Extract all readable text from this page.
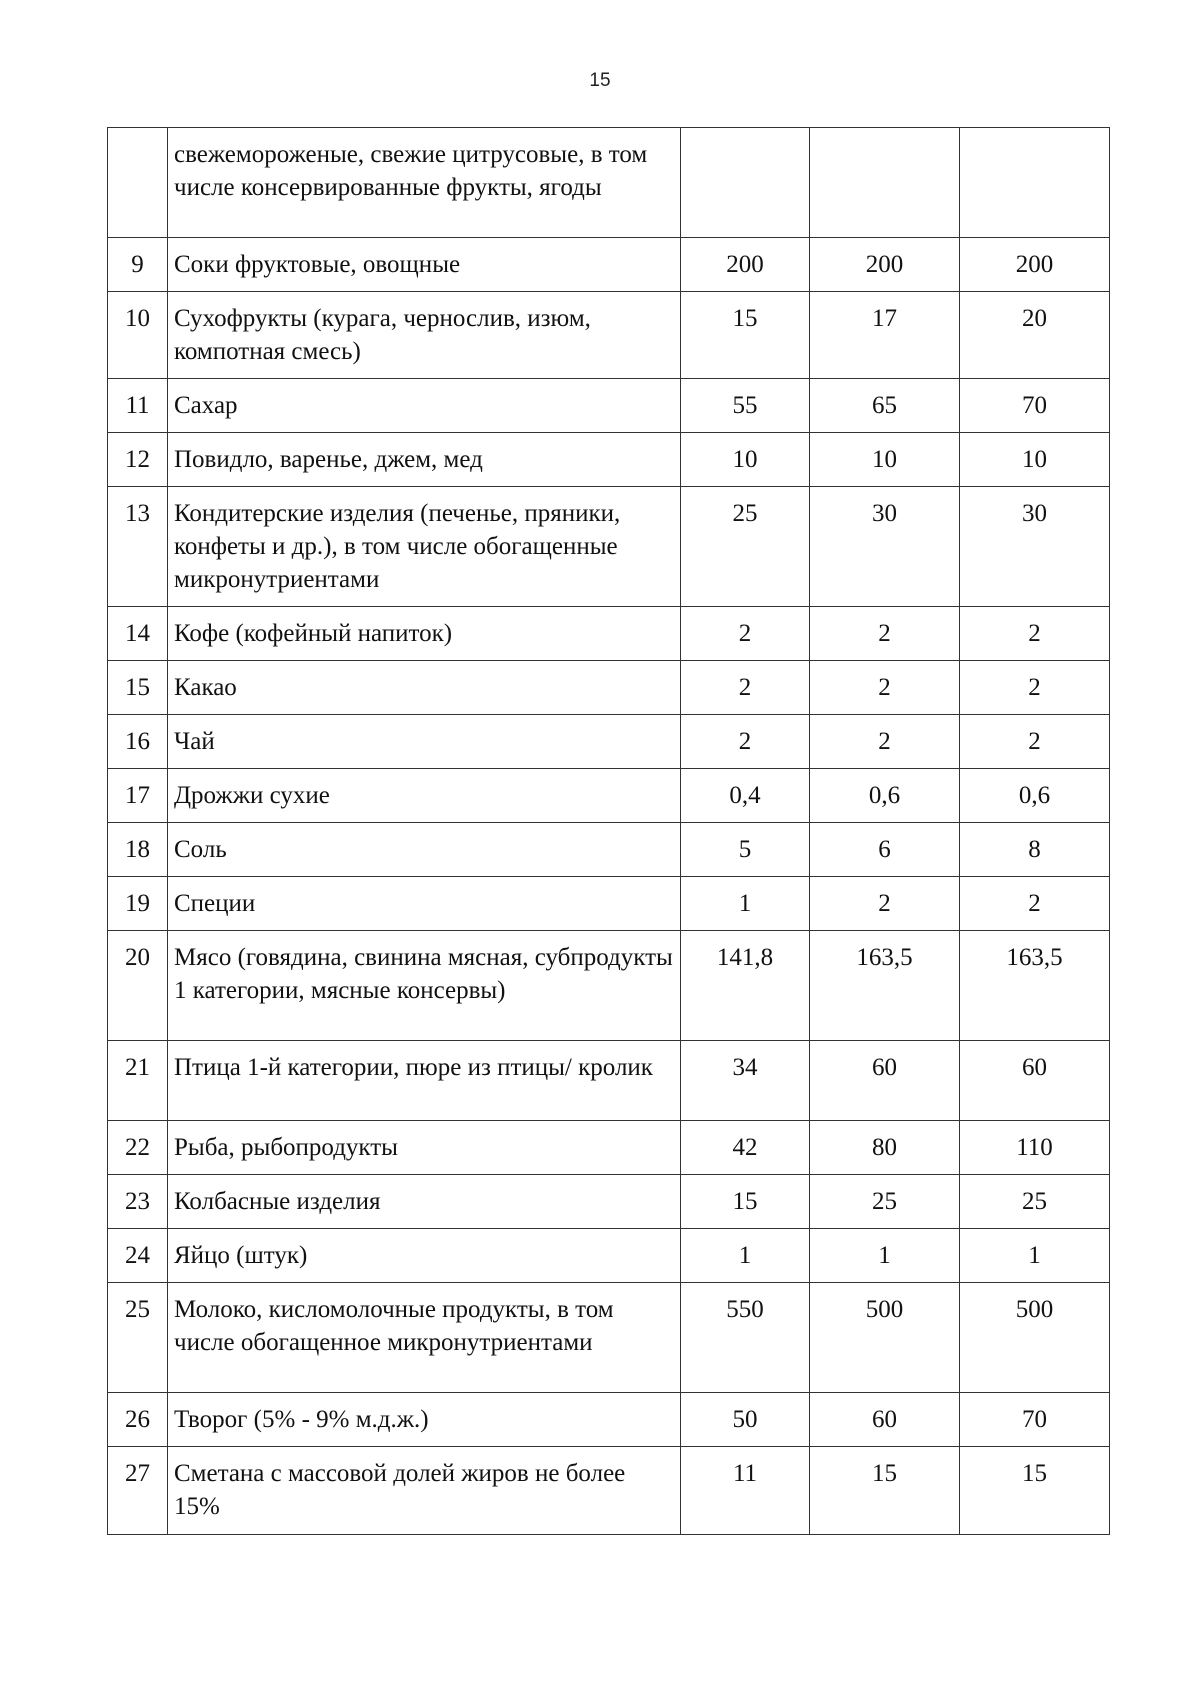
15
	свежемороженые, свежие цитрусовые, в том числе консервированные фрукты, ягоды			
9	Соки фруктовые, овощные	200	200	200
10	Сухофрукты (курага, чернослив, изюм, компотная смесь)	15	17	20
11	Сахар	55	65	70
12	Повидло, варенье, джем, мед	10	10	10
13	Кондитерские изделия (печенье, пряники, конфеты и др.), в том числе обогащенные микронутриентами	25	30	30
14	Кофе (кофейный напиток)	2	2	2
15	Какао	2	2	2
16	Чай	2	2	2
17	Дрожжи сухие	0,4	0,6	0,6
18	Соль	5	6	8
19	Специи	1	2	2
20	Мясо (говядина, свинина мясная, субпродукты 1 категории, мясные консервы)	141,8	163,5	163,5
21	Птица 1-й категории, пюре из птицы/ кролик	34	60	60
22	Рыба, рыбопродукты	42	80	110
23	Колбасные изделия	15	25	25
24	Яйцо (штук)	1	1	1
25	Молоко, кисломолочные продукты, в том числе обогащенное микронутриентами	550	500	500
26	Творог (5% - 9% м.д.ж.)	50	60	70
27	Сметана с массовой долей жиров не более 15%	11	15	15
